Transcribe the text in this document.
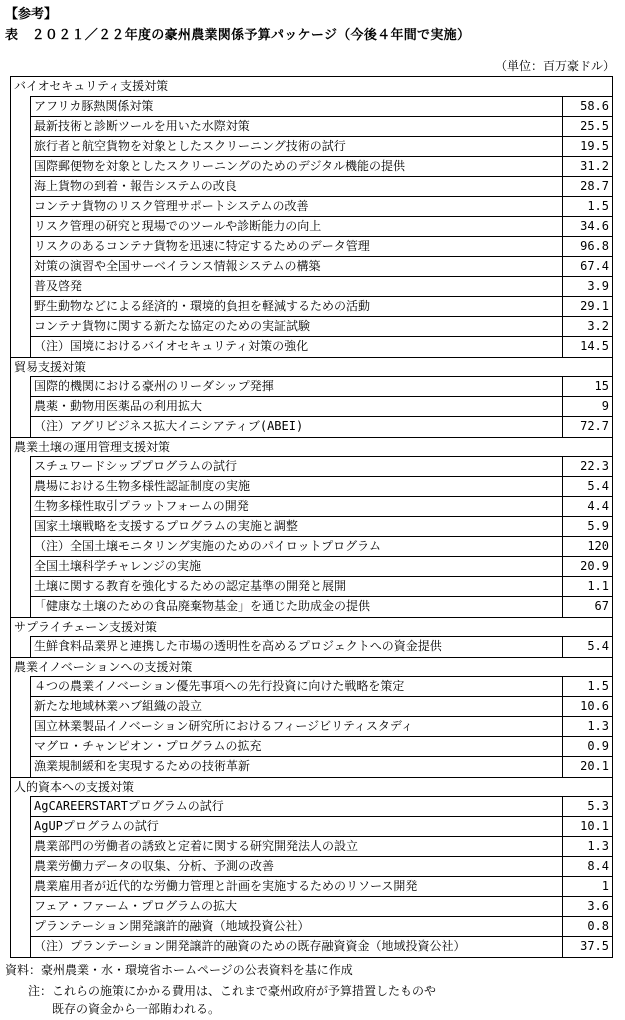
【参考】
表　２０２１／２２年度の豪州農業関係予算パッケージ（今後４年間で実施）
（単位：百万豪ドル）
バイオセキュリティ支援対策
アフリカ豚熱関係対策	58.6
最新技術と診断ツールを用いた水際対策	25.5
旅行者と航空貨物を対象としたスクリーニング技術の試行	19.5
国際郵便物を対象としたスクリーニングのためのデジタル機能の提供	31.2
海上貨物の到着・報告システムの改良	28.7
コンテナ貨物のリスク管理サポートシステムの改善	1.5
リスク管理の研究と現場でのツールや診断能力の向上	34.6
リスクのあるコンテナ貨物を迅速に特定するためのデータ管理	96.8
対策の演習や全国サーベイランス情報システムの構築	67.4
普及啓発	3.9
野生動物などによる経済的・環境的負担を軽減するための活動	29.1
コンテナ貨物に関する新たな協定のための実証試験	3.2
（注）国境におけるバイオセキュリティ対策の強化	14.5
貿易支援対策
国際的機関における豪州のリーダシップ発揮	15
農薬・動物用医薬品の利用拡大	9
（注）アグリビジネス拡大イニシアティブ(ABEI)	72.7
農業土壌の運用管理支援対策
スチュワードシッププログラムの試行	22.3
農場における生物多様性認証制度の実施	5.4
生物多様性取引プラットフォームの開発	4.4
国家土壌戦略を支援するプログラムの実施と調整	5.9
（注）全国土壌モニタリング実施のためのパイロットプログラム	120
全国土壌科学チャレンジの実施	20.9
土壌に関する教育を強化するための認定基準の開発と展開	1.1
「健康な土壌のための食品廃棄物基金」を通じた助成金の提供	67
サプライチェーン支援対策
生鮮食料品業界と連携した市場の透明性を高めるプロジェクトへの資金提供	5.4
農業イノベーションへの支援対策
４つの農業イノベーション優先事項への先行投資に向けた戦略を策定	1.5
新たな地域林業ハブ組織の設立	10.6
国立林業製品イノベーション研究所におけるフィージビリティスタディ	1.3
マグロ・チャンピオン・プログラムの拡充	0.9
漁業規制緩和を実現するための技術革新	20.1
人的資本への支援対策
AgCAREERSTARTプログラムの試行	5.3
AgUPプログラムの試行	10.1
農業部門の労働者の誘致と定着に関する研究開発法人の設立	1.3
農業労働力データの収集、分析、予測の改善	8.4
農業雇用者が近代的な労働力管理と計画を実施するためのリソース開発	1
フェア・ファーム・プログラムの拡大	3.6
プランテーション開発譲許的融資（地域投資公社）	0.8
（注）プランテーション開発譲許的融資のための既存融資資金（地域投資公社）	37.5
資料：豪州農業・水・環境省ホームページの公表資料を基に作成
注：これらの施策にかかる費用は、これまで豪州政府が予算措置したものや
既存の資金から一部賄われる。
